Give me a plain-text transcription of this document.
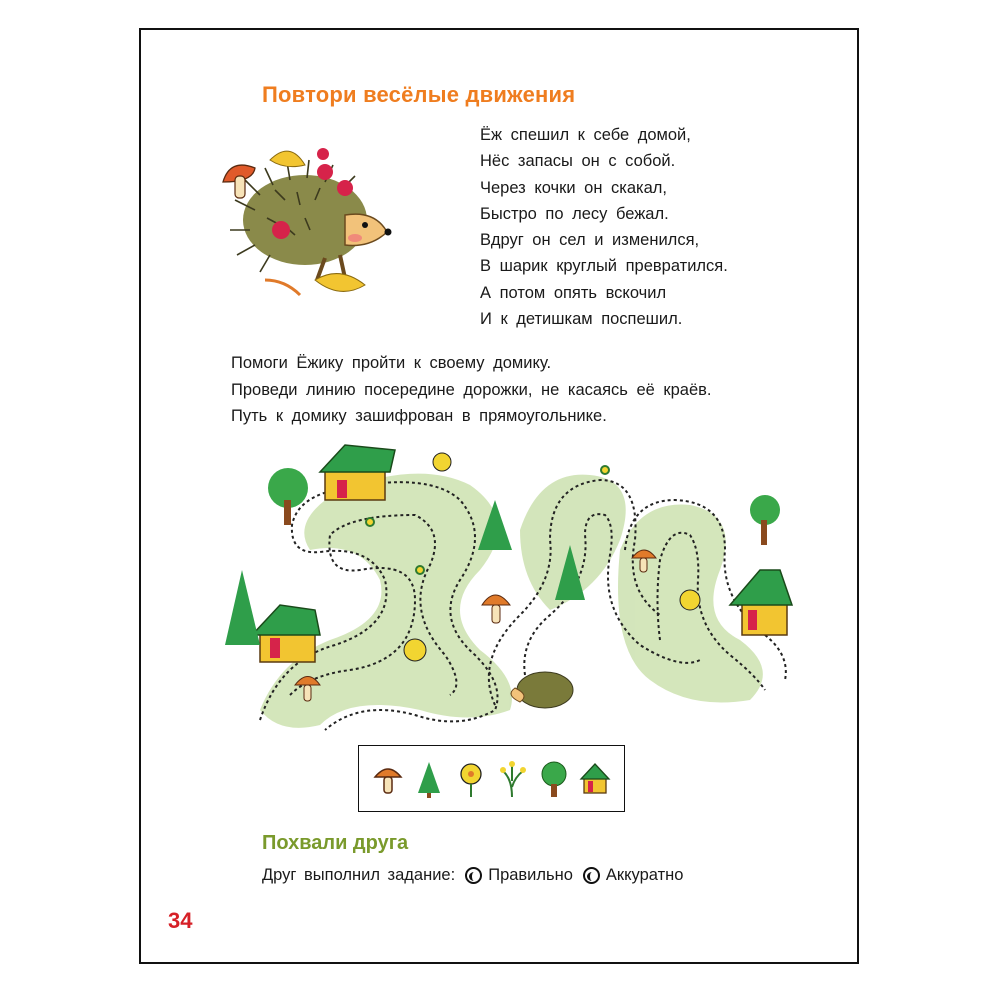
Повтори весёлые движения
Ёж спешил к себе домой,
Нёс запасы он с собой.
Через кочки он скакал,
Быстро по лесу бежал.
Вдруг он сел и изменился,
В шарик круглый превратился.
А потом опять вскочил
И к детишкам поспешил.
Помоги Ёжику пройти к своему домику.
Проведи линию посередине дорожки, не касаясь её краёв.
Путь к домику зашифрован в прямоугольнике.
Похвали друга
Друг выполнил задание: Правильно Аккуратно
34
